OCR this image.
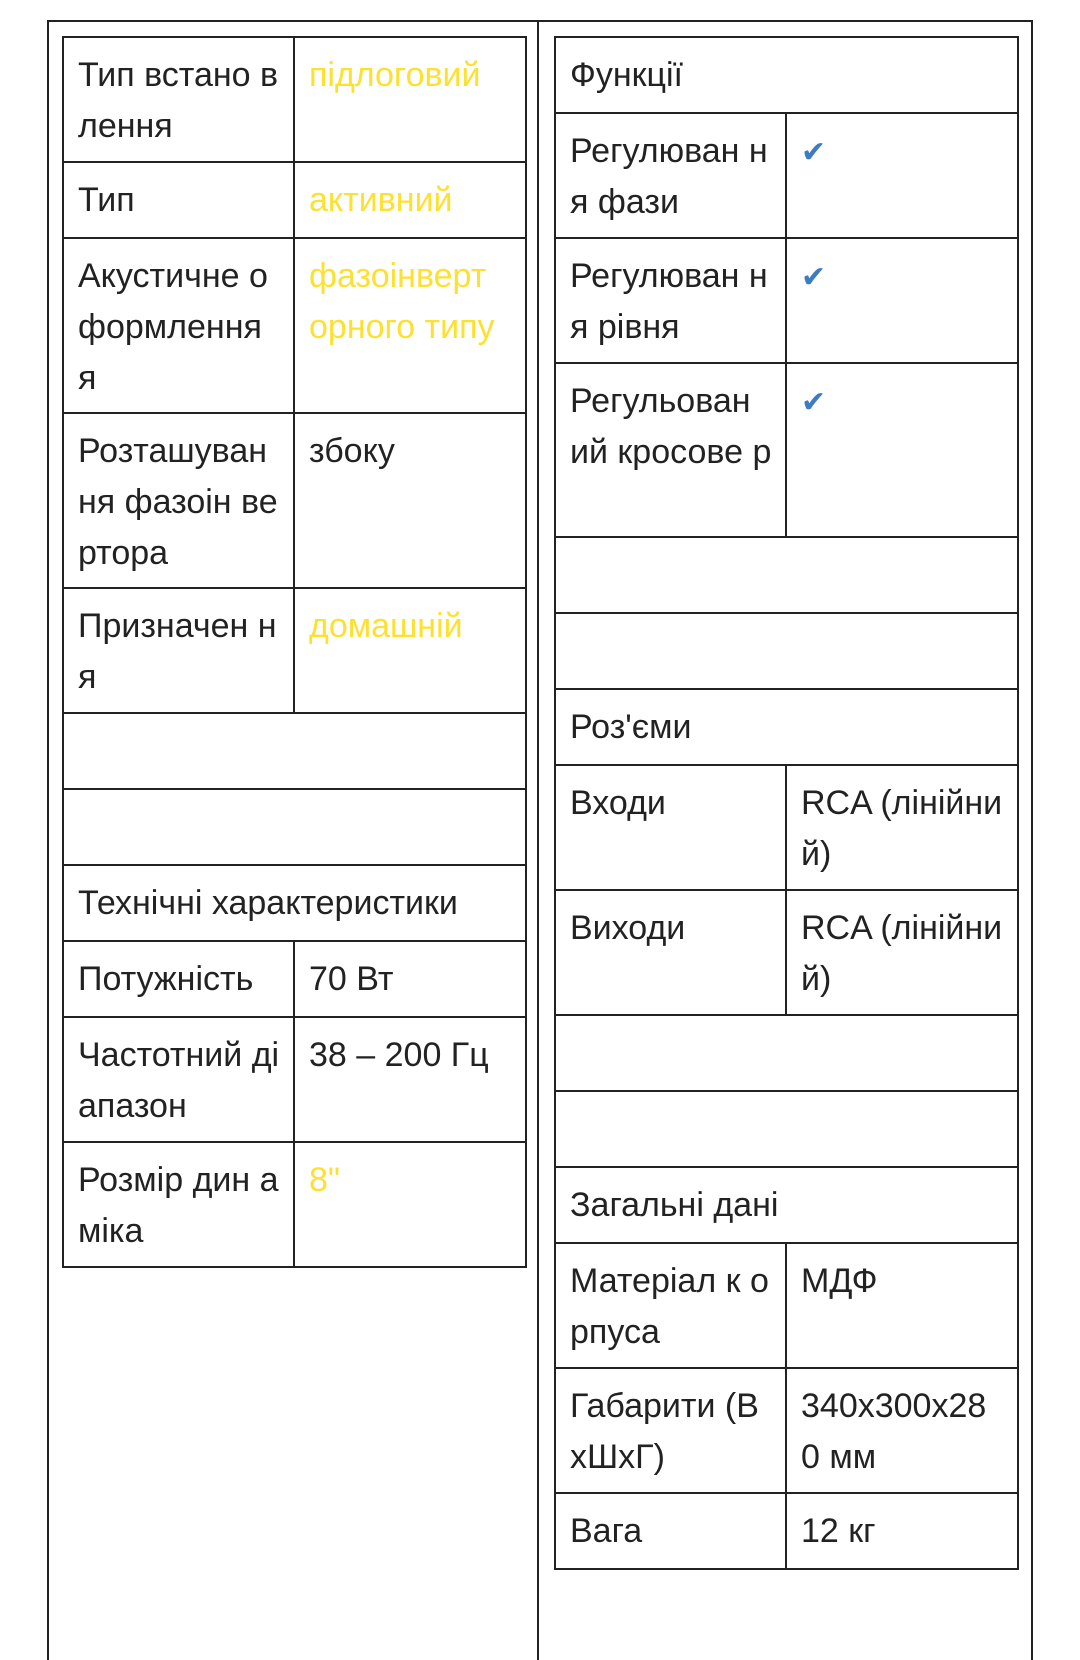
Тип встано влення	підлоговий
Тип	активний
Акустичне оформлення я	фазоінверт орного типу
Розташування фазоін вертора	збоку
Призначен ня	домашній

Технічні характеристики	
Потужність	70 Вт
Частотний діапазон	38 – 200 Гц
Розмір дин аміка	8"
Функції	
Регулюван ня фази	✔
Регулюван ня рівня	✔
Регульован ий кросове р	✔

Роз'єми	
Входи	RCA (лінійний)
Виходи	RCA (лінійний)

Загальні дані	
Матеріал к орпуса	МДФ
Габарити (ВхШхГ)	340x300x28 0 мм
Вага	12 кг
